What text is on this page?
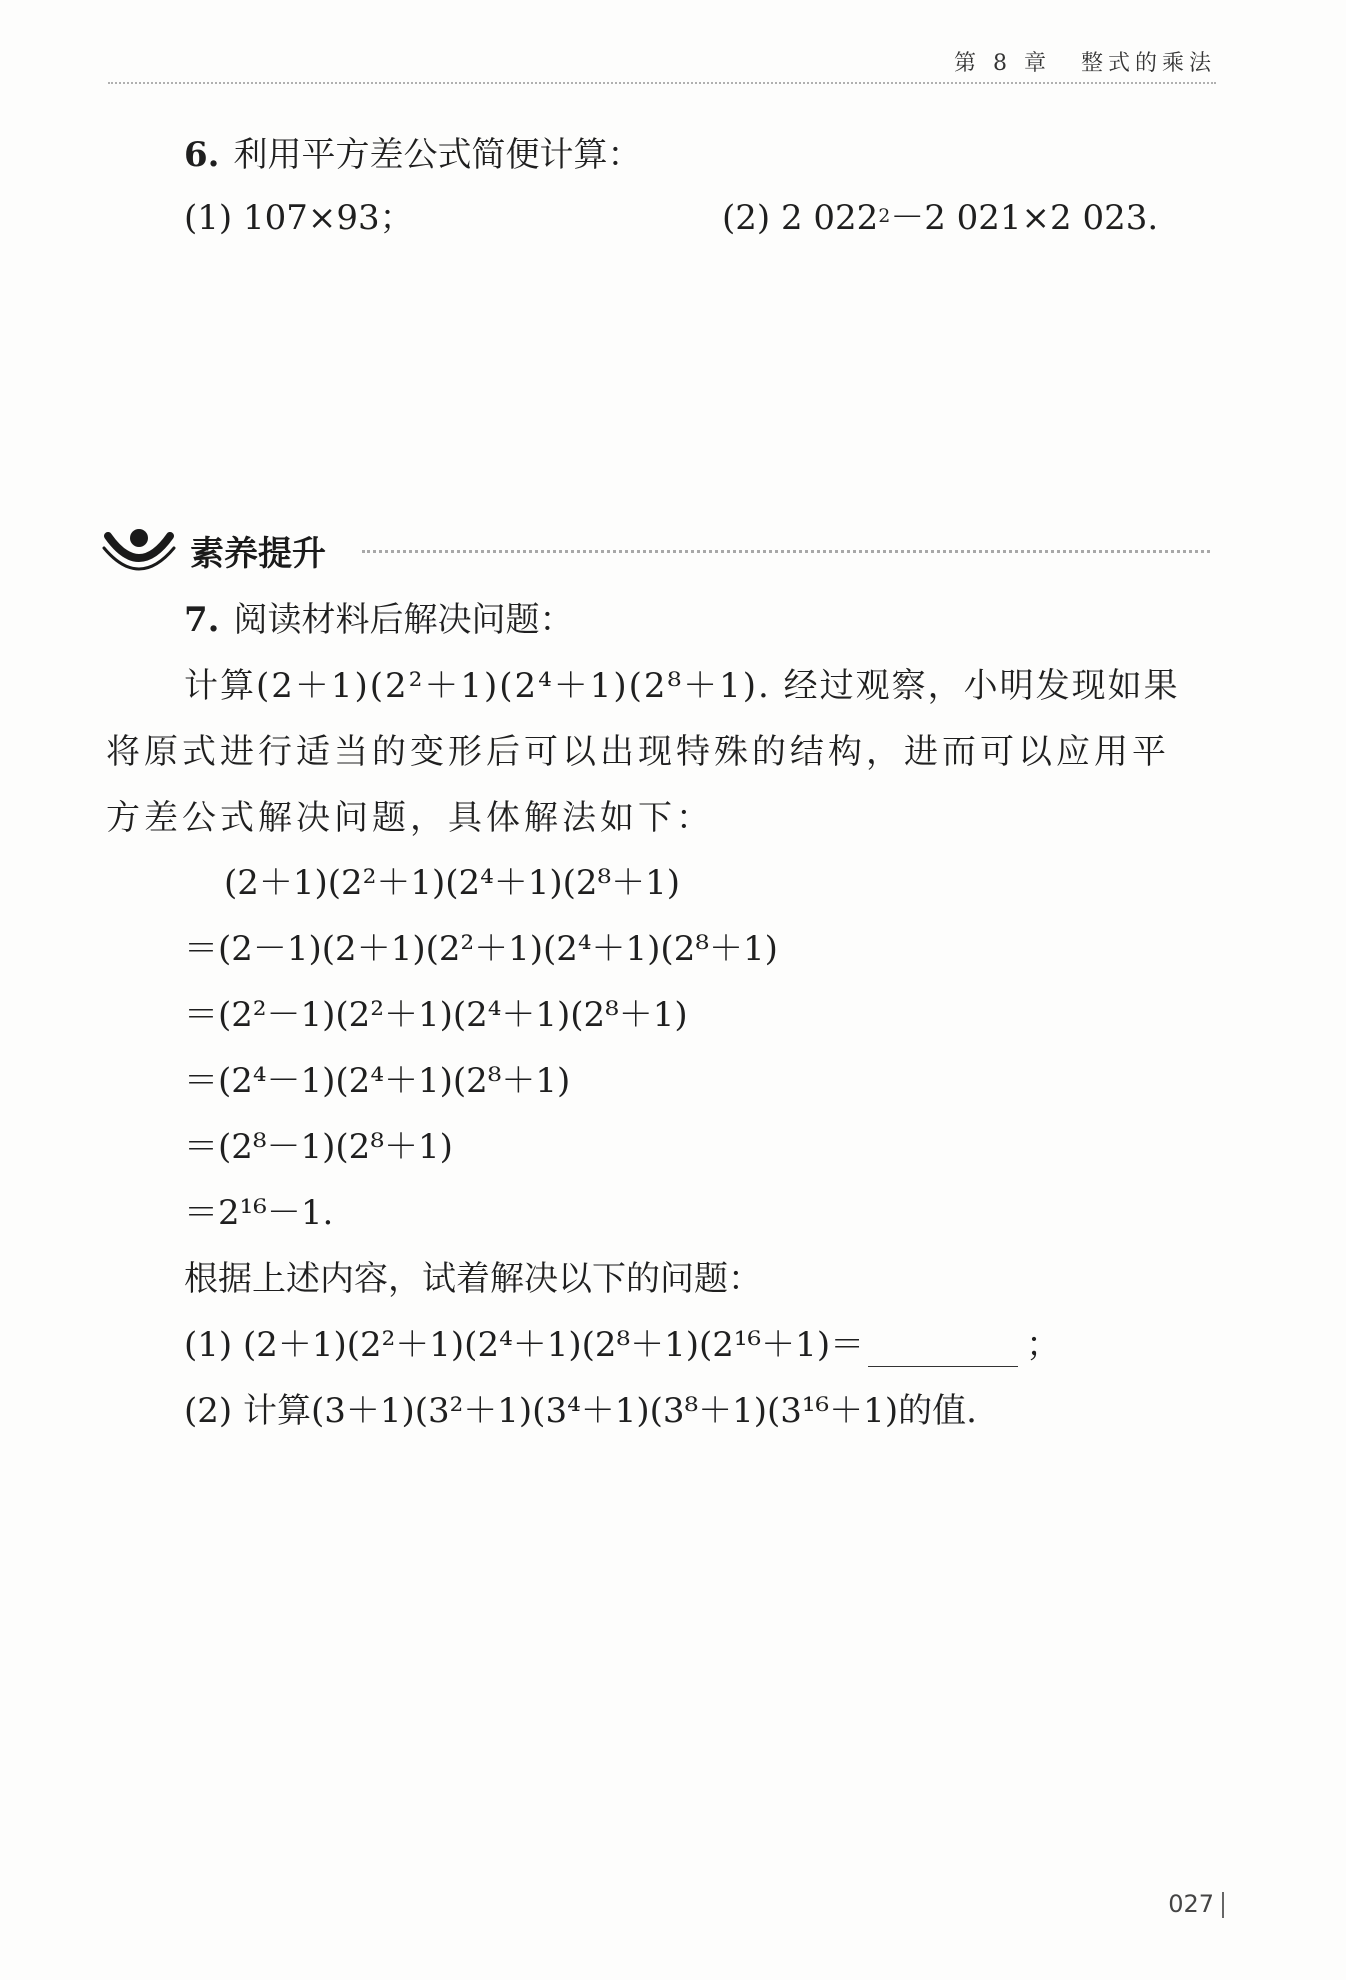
第 8 章 整式的乘法
6. 利用平方差公式简便计算：
(1) 107×93；	(2) 2 $022^2-2$ 021×2 023.
素养提升
7. 阅读材料后解决问题：
计算(2＋1)(2²＋1)(2⁴＋1)(2⁸＋1). 经过观察，小明发现如果
将原式进行适当的变形后可以出现特殊的结构，进而可以应用平
方差公式解决问题，具体解法如下：
(2＋1)(2²＋1)(2⁴＋1)(2⁸＋1)
＝(2－1)(2＋1)(2²＋1)(2⁴＋1)(2⁸＋1)
＝(2²－1)(2²＋1)(2⁴＋1)(2⁸＋1)
＝(2⁴－1)(2⁴＋1)(2⁸＋1)
＝(2⁸－1)(2⁸＋1)
＝2¹⁶－1.
根据上述内容，试着解决以下的问题：
(1) (2＋1)(2²＋1)(2⁴＋1)(2⁸＋1)(2¹⁶＋1)＝	；
(2) 计算(3＋1)(3²＋1)(3⁴＋1)(3⁸＋1)(3¹⁶＋1)的值.
027
